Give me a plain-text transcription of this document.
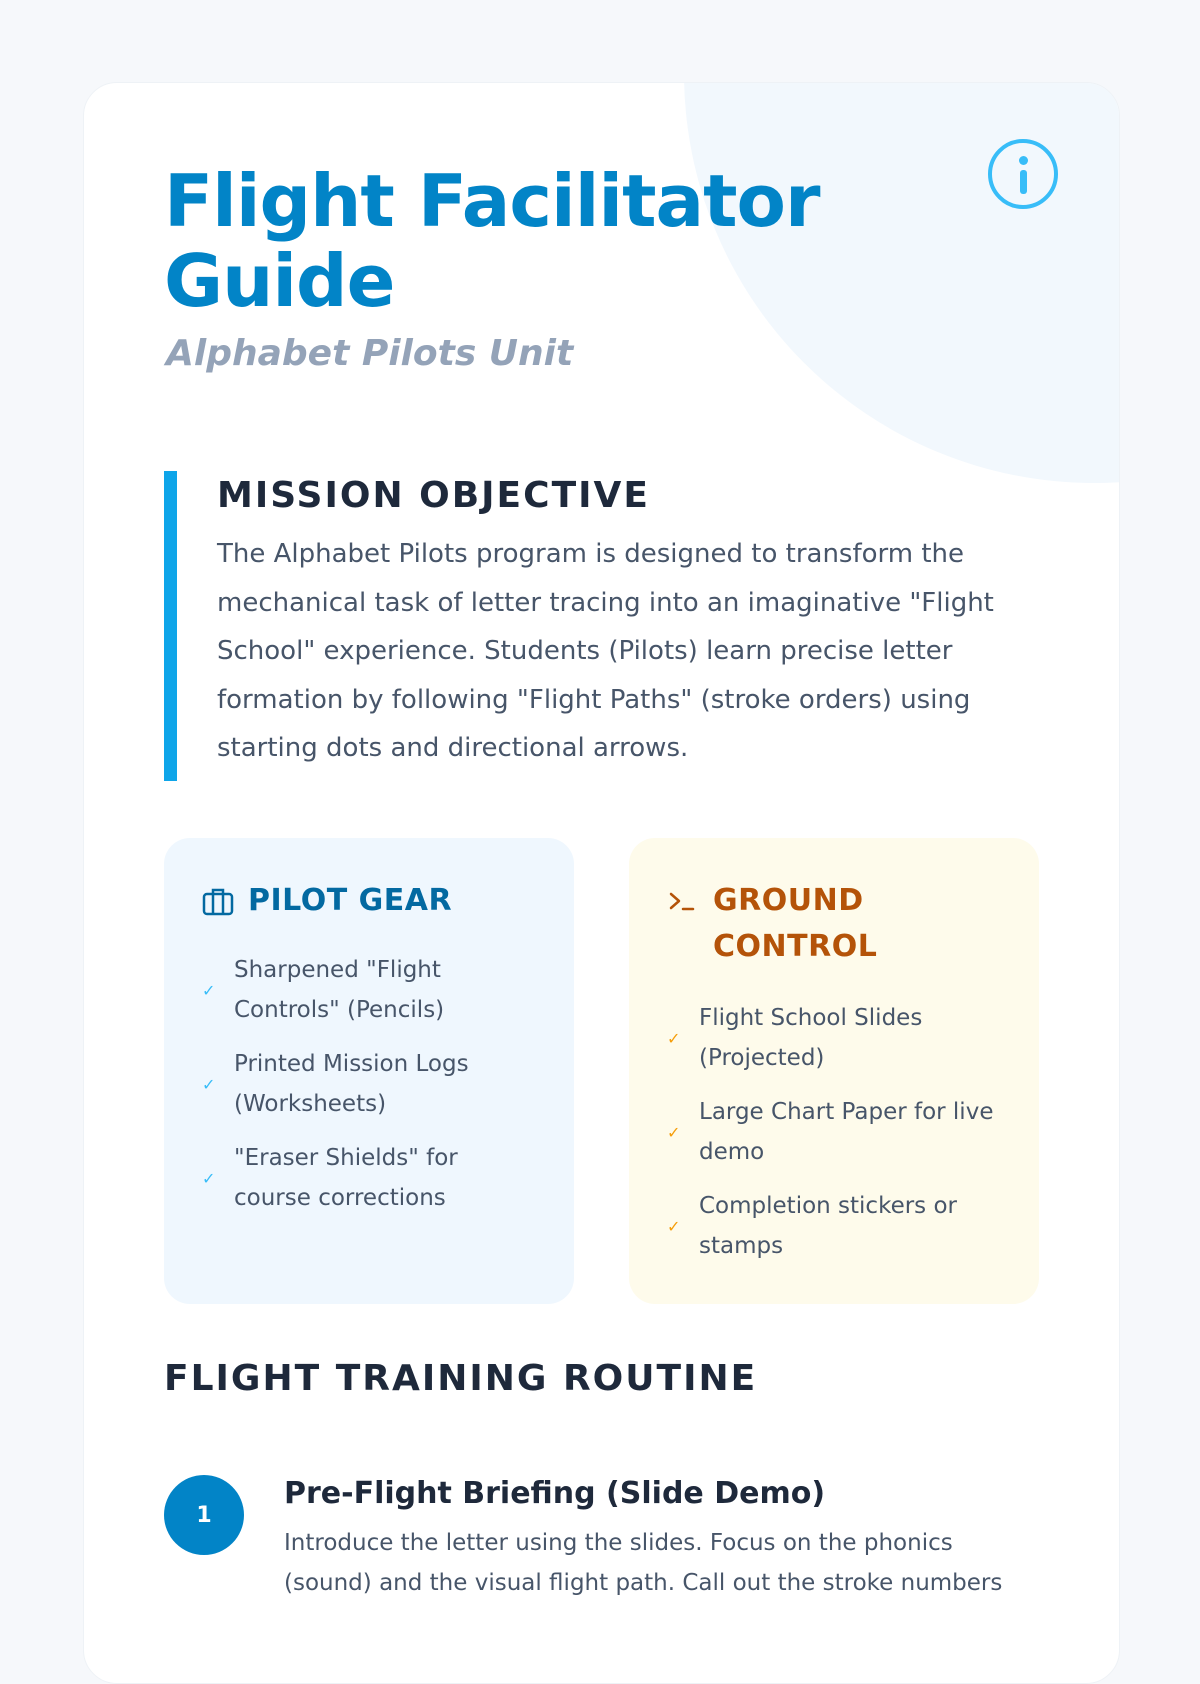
Flight Facilitator Guide

Alphabet Pilots Unit

MISSION OBJECTIVE

The Alphabet Pilots program is designed to transform the mechanical task of letter tracing into an imaginative "Flight School" experience. Students (Pilots) learn precise letter formation by following "Flight Paths" (stroke orders) using starting dots and directional arrows.

PILOT GEAR
✓
Sharpened "Flight Controls" (Pencils)
✓
Printed Mission Logs (Worksheets)
✓
"Eraser Shields" for course corrections
GROUND CONTROL
✓
Flight School Slides (Projected)
✓
Large Chart Paper for live demo
✓
Completion stickers or stamps
FLIGHT TRAINING ROUTINE
1
Pre-Flight Briefing (Slide Demo)

Introduce the letter using the slides. Focus on the phonics (sound) and the visual flight path. Call out the stroke numbers
